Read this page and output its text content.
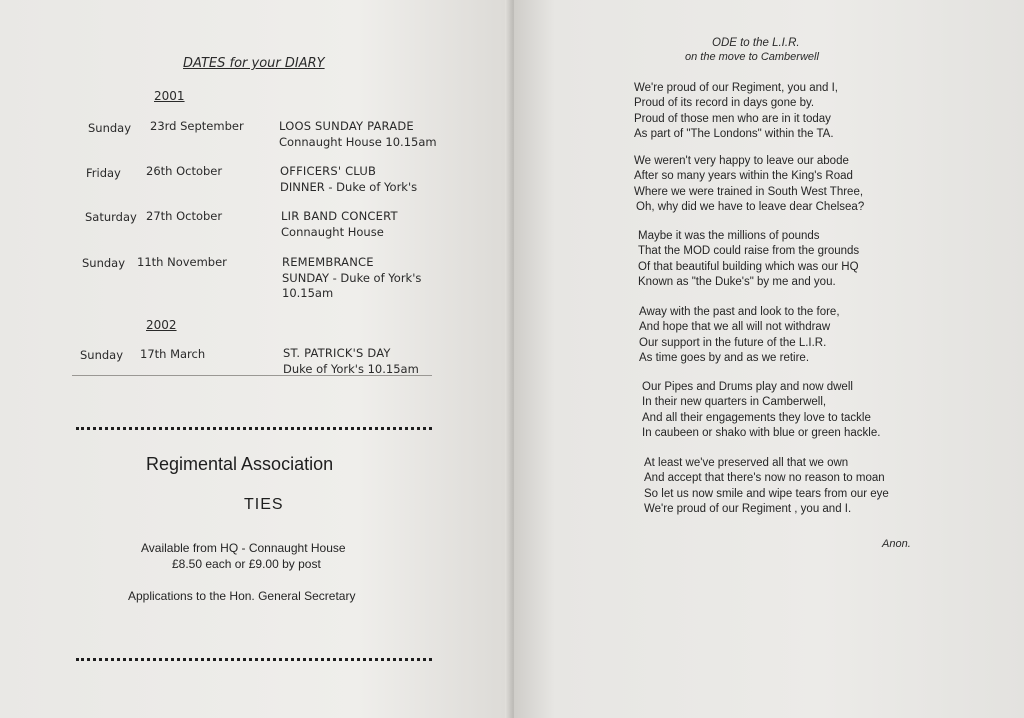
DATES for your DIARY
2001
Sunday 23rd September	LOOS SUNDAY PARADE
Connaught House 10.15am
Friday 26th October	OFFICERS' CLUB
DINNER - Duke of York's
Saturday 27th October	LIR BAND CONCERT
Connaught House
Sunday 11th November	REMEMBRANCE
SUNDAY - Duke of York's
10.15am
2002
Sunday 17th March	ST. PATRICK'S DAY
Duke of York's 10.15am
Regimental Association
TIES
Available from HQ - Connaught House
£8.50 each or £9.00 by post
Applications to the Hon. General Secretary
ODE to the L.I.R.
on the move to Camberwell
We're proud of our Regiment, you and I,
Proud of its record in days gone by.
Proud of those men who are in it today
As part of "The Londons" within the TA.
We weren't very happy to leave our abode
After so many years within the King's Road
Where we were trained in South West Three,
Oh, why did we have to leave dear Chelsea?
Maybe it was the millions of pounds
That the MOD could raise from the grounds
Of that beautiful building which was our HQ
Known as "the Duke's" by me and you.
Away with the past and look to the fore,
And hope that we all will not withdraw
Our support in the future of the L.I.R.
As time goes by and as we retire.
Our Pipes and Drums play and now dwell
In their new quarters in Camberwell,
And all their engagements they love to tackle
In caubeen or shako with blue or green hackle.
At least we've preserved all that we own
And accept that there's now no reason to moan
So let us now smile and wipe tears from our eye
We're proud of our Regiment , you and I.
Anon.
